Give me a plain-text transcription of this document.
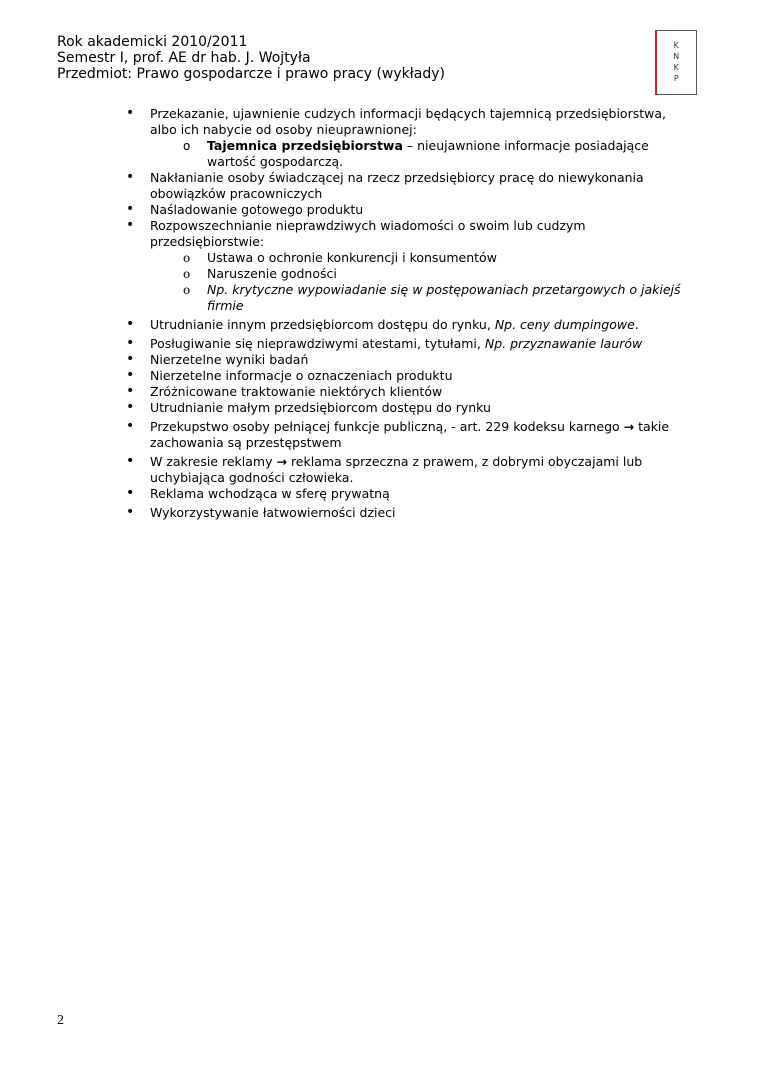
Rok akademicki 2010/2011
Semestr I, prof. AE dr hab. J. Wojtyła
Przedmiot: Prawo gospodarcze i prawo pracy (wykłady)
K N K P
• Przekazanie, ujawnienie cudzych informacji będących tajemnicą przedsiębiorstwa, albo ich nabycie od osoby nieuprawnionej:
o Tajemnica przedsiębiorstwa – nieujawnione informacje posiadające wartość gospodarczą.
• Nakłanianie osoby świadczącej na rzecz przedsiębiorcy pracę do niewykonania obowiązków pracowniczych
• Naśladowanie gotowego produktu
• Rozpowszechnianie nieprawdziwych wiadomości o swoim lub cudzym przedsiębiorstwie:
o Ustawa o ochronie konkurencji i konsumentów
o Naruszenie godności
o Np. krytyczne wypowiadanie się w postępowaniach przetargowych o jakiejś firmie
• Utrudnianie innym przedsiębiorcom dostępu do rynku, Np. ceny dumpingowe.
• Posługiwanie się nieprawdziwymi atestami, tytułami, Np. przyznawanie laurów
• Nierzetelne wyniki badań
• Nierzetelne informacje o oznaczeniach produktu
• Zróżnicowane traktowanie niektórych klientów
• Utrudnianie małym przedsiębiorcom dostępu do rynku
• Przekupstwo osoby pełniącej funkcje publiczną, - art. 229 kodeksu karnego → takie zachowania są przestępstwem
• W zakresie reklamy → reklama sprzeczna z prawem, z dobrymi obyczajami lub uchybiająca godności człowieka.
• Reklama wchodząca w sferę prywatną
• Wykorzystywanie łatwowierności dzieci
2
